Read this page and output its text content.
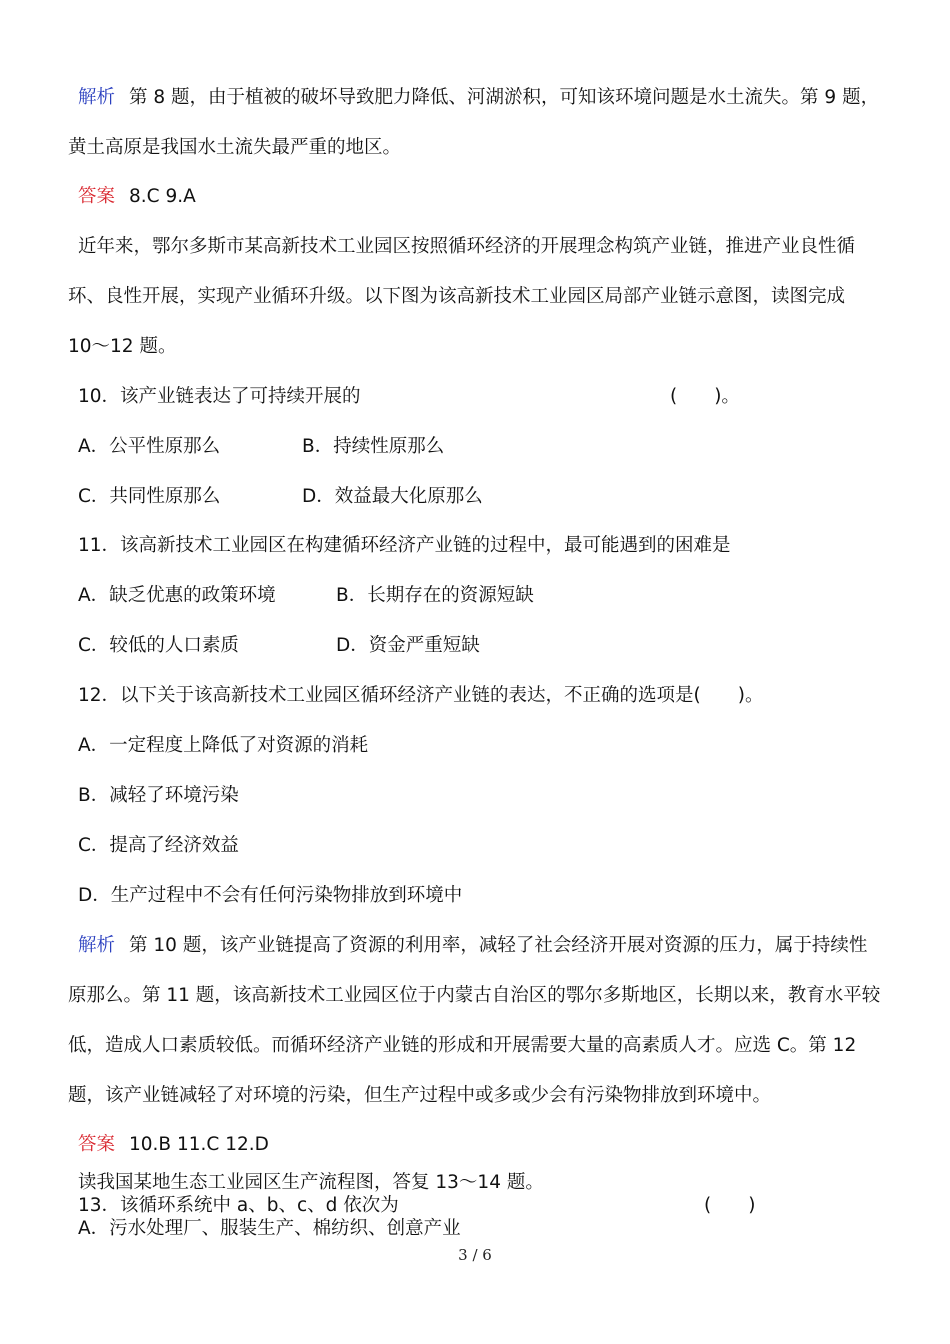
解析 第 8 题，由于植被的破坏导致肥力降低、河湖淤积，可知该环境问题是水土流失。第 9 题，
黄土高原是我国水土流失最严重的地区。
答案 8.C 9.A
近年来，鄂尔多斯市某高新技术工业园区按照循环经济的开展理念构筑产业链，推进产业良性循
环、良性开展，实现产业循环升级。以下图为该高新技术工业园区局部产业链示意图，读图完成
10～12 题。
10．该产业链表达了可持续开展的	(　　)。
A．公平性原那么	B．持续性原那么
C．共同性原那么	D．效益最大化原那么
11．该高新技术工业园区在构建循环经济产业链的过程中，最可能遇到的困难是
A．缺乏优惠的政策环境	B．长期存在的资源短缺
C．较低的人口素质	D．资金严重短缺
12．以下关于该高新技术工业园区循环经济产业链的表达，不正确的选项是(　　)。
A．一定程度上降低了对资源的消耗
B．减轻了环境污染
C．提高了经济效益
D．生产过程中不会有任何污染物排放到环境中
解析 第 10 题，该产业链提高了资源的利用率，减轻了社会经济开展对资源的压力，属于持续性
原那么。第 11 题，该高新技术工业园区位于内蒙古自治区的鄂尔多斯地区，长期以来，教育水平较
低，造成人口素质较低。而循环经济产业链的形成和开展需要大量的高素质人才。应选 C。第 12
题，该产业链减轻了对环境的污染，但生产过程中或多或少会有污染物排放到环境中。
答案 10.B 11.C 12.D
读我国某地生态工业园区生产流程图，答复 13～14 题。
13．该循环系统中 a、b、c、d 依次为	(　　)
A．污水处理厂、服装生产、棉纺织、创意产业
3 / 6
